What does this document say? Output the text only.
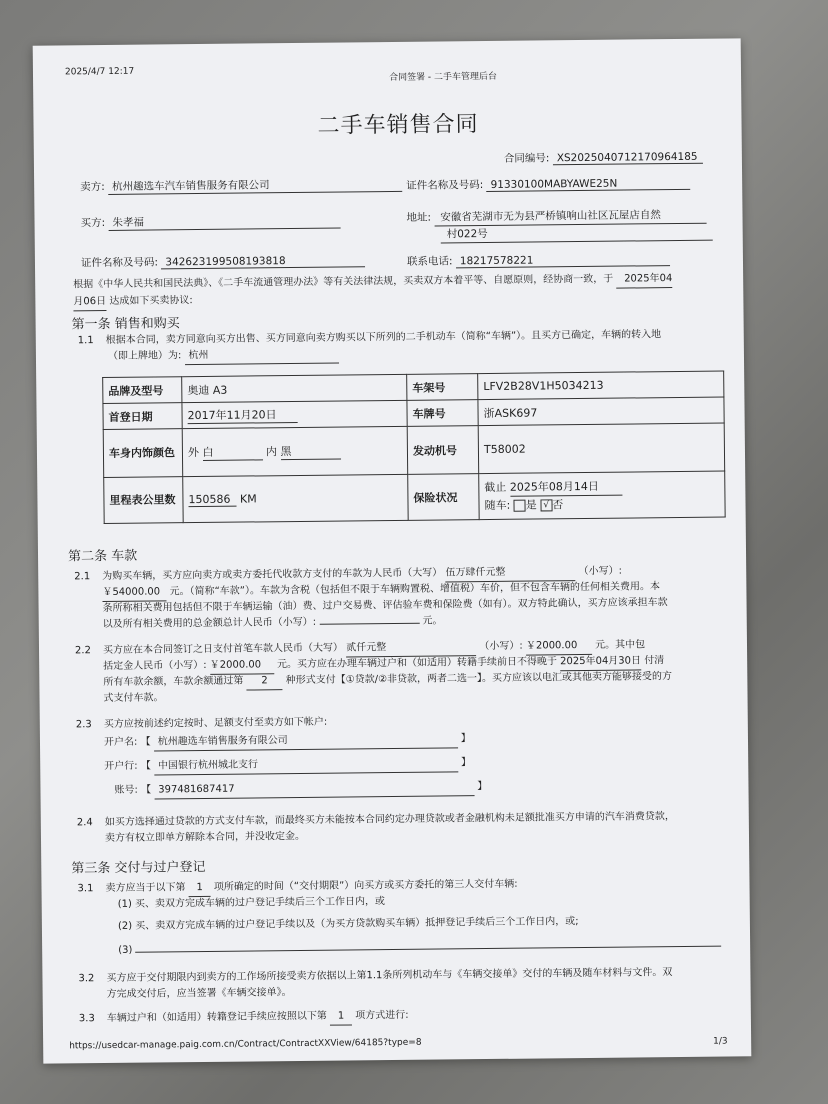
2025/4/7 12:17	合同签署 - 二手车管理后台
二手车销售合同
合同编号: XS2025040712170964185
卖方: 杭州趣选车汽车销售服务有限公司	证件名称及号码: 91330100MABYAWE25N
买方: 朱孝福	地址: 安徽省芜湖市无为县严桥镇响山社区瓦屋店自然
村022号
证件名称及号码: 342623199508193818	联系电话: 18217578221
根据《中华人民共和国民法典》、《二手车流通管理办法》等有关法律法规，买卖双方本着平等、自愿原则，经协商一致，于 2025年04
月06日 达成如下买卖协议:
第一条 销售和购买
1.1 根据本合同，卖方同意向买方出售、买方同意向卖方购买以下所列的二手机动车（简称“车辆”）。且买方已确定，车辆的转入地
（即上牌地）为: 杭州
品牌及型号	奥迪 A3	车架号	LFV2B28V1H5034213
首登日期	2017年11月20日	车牌号	浙ASK697
车身内饰颜色	外 白 内 黑	发动机号	T58002
里程表公里数	150586 KM	保险状况	截止 2025年08月14日
随车: 是 √ 否
第二条 车款
2.1 为购买车辆，买方应向卖方或卖方委托代收款方支付的车款为人民币（大写） 伍万肆仟元整	（小写）:
￥54000.00 元。（简称“车款”）。车款为含税（包括但不限于车辆购置税、增值税）车价，但不包含车辆的任何相关费用。本
条所称相关费用包括但不限于车辆运输（油）费、过户交易费、评估验车费和保险费（如有）。双方特此确认，买方应该承担车款
以及所有相关费用的总金额总计人民币（小写）:	元。
2.2 买方应在本合同签订之日支付首笔车款人民币（大写） 贰仟元整	（小写）: ￥2000.00 元。其中包
括定金人民币（小写）: ￥2000.00 元。买方应在办理车辆过户和（如适用）转籍手续前日不得晚于 2025年04月30日 付清
所有车款余额，车款余额通过第 2 种形式支付【①贷款/②非贷款，两者二选一】。买方应该以电汇或其他卖方能够接受的方
式支付车款。
2.3 买方应按前述约定按时、足额支付至卖方如下帐户:
开户名: 【 杭州趣选车销售服务有限公司	】
开户行: 【 中国银行杭州城北支行	】
账号: 【 397481687417	】
2.4 如买方选择通过贷款的方式支付车款，而最终买方未能按本合同约定办理贷款或者金融机构未足额批准买方申请的汽车消费贷款，
卖方有权立即单方解除本合同，并没收定金。
第三条 交付与过户登记
3.1 卖方应当于以下第 1 项所确定的时间（“交付期限”）向买方或买方委托的第三人交付车辆:
(1) 买、卖双方完成车辆的过户登记手续后三个工作日内，或
(2) 买、卖双方完成车辆的过户登记手续以及（为买方贷款购买车辆）抵押登记手续后三个工作日内，或;
(3)
3.2 买方应于交付期限内到卖方的工作场所接受卖方依据以上第1.1条所列机动车与《车辆交接单》交付的车辆及随车材料与文件。双
方完成交付后，应当签署《车辆交接单》。
3.3 车辆过户和（如适用）转籍登记手续应按照以下第 1 项方式进行:
https://usedcar-manage.paig.com.cn/Contract/ContractXXView/64185?type=8	1/3
